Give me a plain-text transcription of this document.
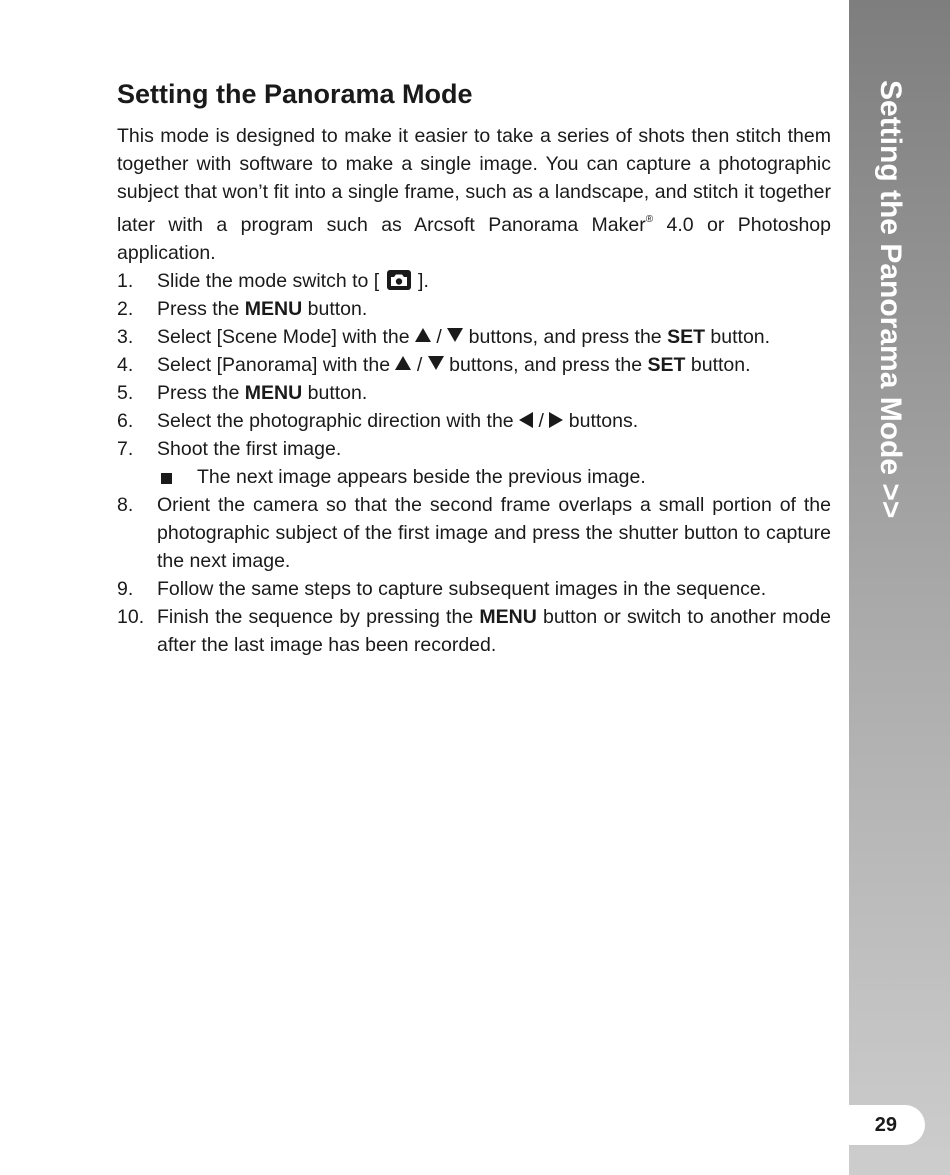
Setting the Panorama Mode

This mode is designed to make it easier to take a series of shots then stitch them together with software to make a single image. You can capture a photographic subject that won’t fit into a single frame, such as a landscape, and stitch it together later with a program such as Arcsoft Panorama Maker® 4.0 or Photoshop application.

1. Slide the mode switch to [ ].
2. Press the MENU button.
3. Select [Scene Mode] with the / buttons, and press the SET button.
4. Select [Panorama] with the / buttons, and press the SET button.
5. Press the MENU button.
6. Select the photographic direction with the / buttons.
7. Shoot the first image.
The next image appears beside the previous image.
8. Orient the camera so that the second frame overlaps a small portion of the photographic subject of the first image and press the shutter button to capture the next image.
9. Follow the same steps to capture subsequent images in the sequence.
10. Finish the sequence by pressing the MENU button or switch to another mode after the last image has been recorded.
Setting the Panorama Mode >>
29
